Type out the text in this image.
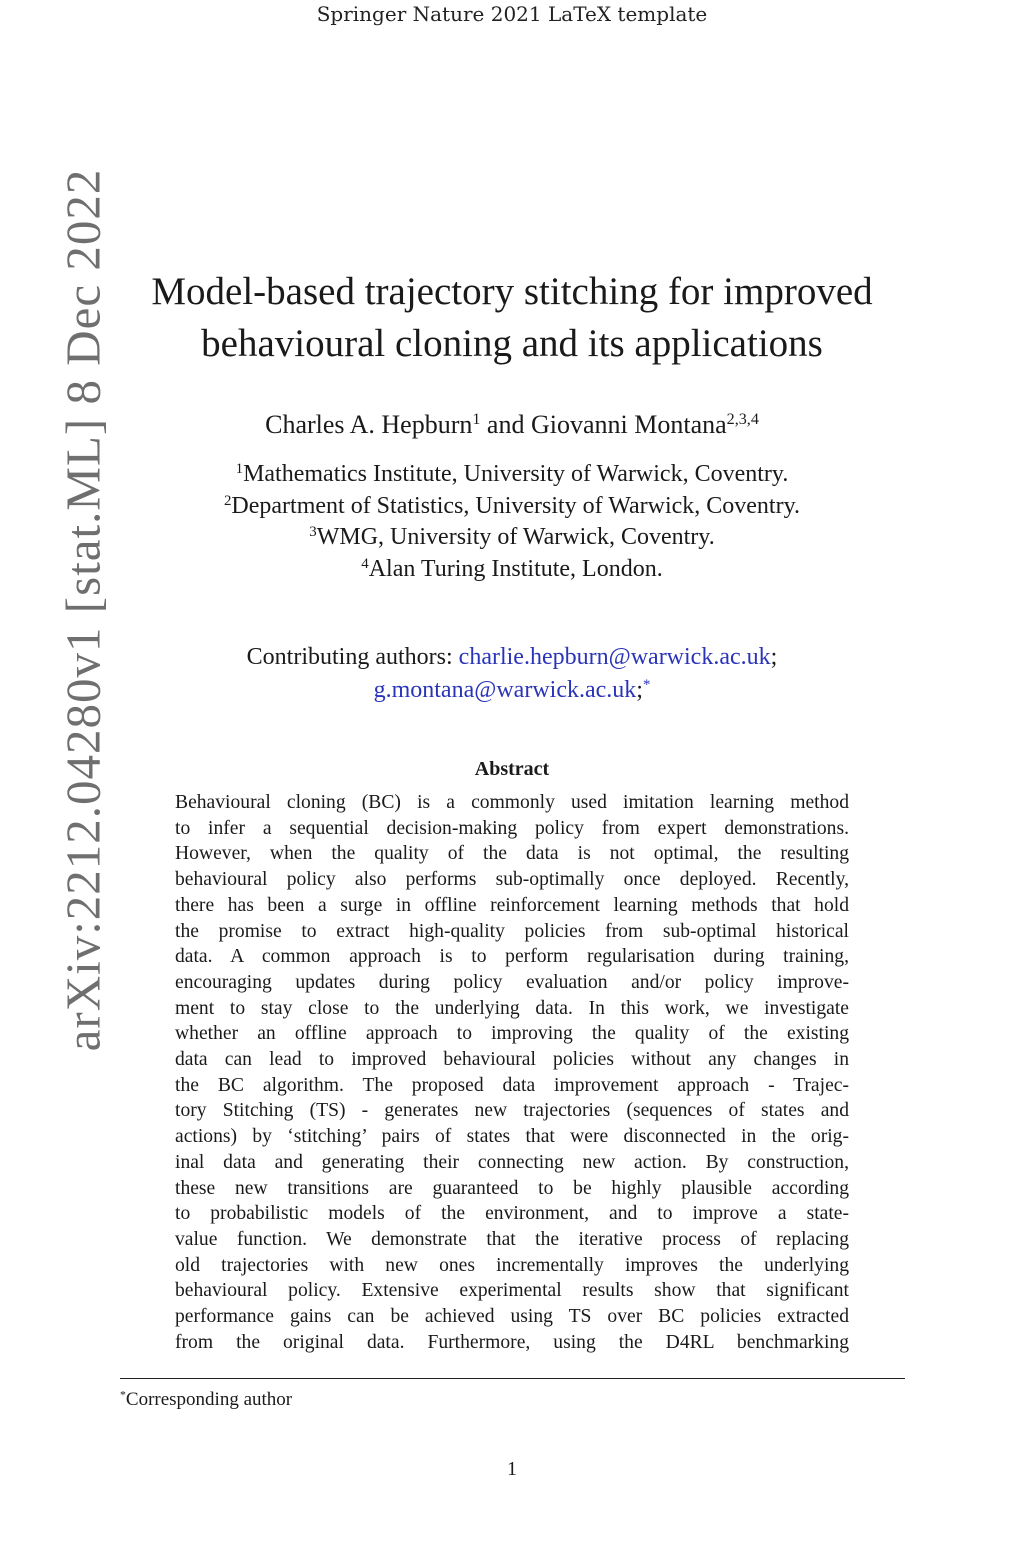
Springer Nature 2021 LaTeX template
arXiv:2212.04280v1 [stat.ML] 8 Dec 2022	Model-based trajectory stitching for improved
behavioural cloning and its applications
Charles A. Hepburn$^1$ and Giovanni Montana$^{2,3,4}$
$^1$Mathematics Institute, University of Warwick, Coventry.
$^2$Department of Statistics, University of Warwick, Coventry.
$^3$WMG, University of Warwick, Coventry.
$^4$Alan Turing Institute, London.
Contributing authors: charlie.hepburn@warwick.ac.uk;
g.montana@warwick.ac.uk;*
Abstract
Behavioural cloning (BC) is a commonly used imitation learning method
to infer a sequential decision-making policy from expert demonstrations.
However, when the quality of the data is not optimal, the resulting
behavioural policy also performs sub-optimally once deployed. Recently,
there has been a surge in offline reinforcement learning methods that hold
the promise to extract high-quality policies from sub-optimal historical
data. A common approach is to perform regularisation during training,
encouraging updates during policy evaluation and/or policy improve-
ment to stay close to the underlying data. In this work, we investigate
whether an offline approach to improving the quality of the existing
data can lead to improved behavioural policies without any changes in
the BC algorithm. The proposed data improvement approach - Trajec-
tory Stitching (TS) - generates new trajectories (sequences of states and
actions) by ‘stitching’ pairs of states that were disconnected in the orig-
inal data and generating their connecting new action. By construction,
these new transitions are guaranteed to be highly plausible according
to probabilistic models of the environment, and to improve a state-
value function. We demonstrate that the iterative process of replacing
old trajectories with new ones incrementally improves the underlying
behavioural policy. Extensive experimental results show that significant
performance gains can be achieved using TS over BC policies extracted
from the original data. Furthermore, using the D4RL benchmarking
*Corresponding author
1
